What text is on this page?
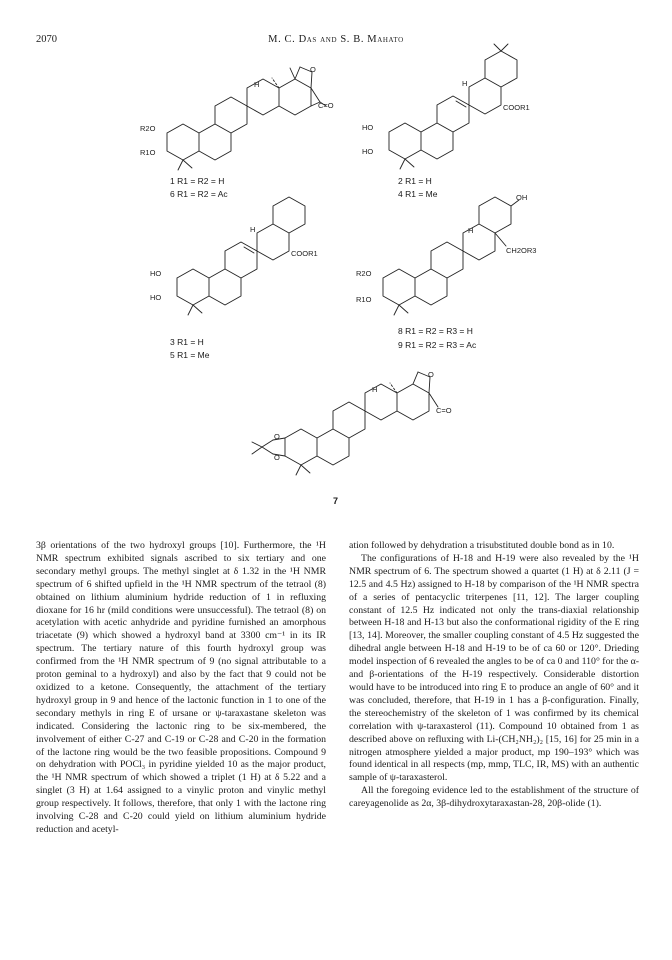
2070	M. C. Das and S. B. Mahato
H
O
C=O
R2O
R1O
1 R1 = R2 = H
6 R1 = R2 = Ac
H
COOR1
HO
HO
2 R1 = H
4 R1 = Me
H
COOR1
HO
HO
3 R1 = H
5 R1 = Me
OH
H
CH2OR3
R2O
R1O
8 R1 = R2 = R3 = H
9 R1 = R2 = R3 = Ac
H
O
C=O
O
O
7

3β orientations of the two hydroxyl groups [10]. Furthermore, the ¹H NMR spectrum exhibited signals ascribed to six tertiary and one secondary methyl groups. The methyl singlet at δ 1.32 in the ¹H NMR spectrum of 6 shifted upfield in the ¹H NMR spectrum of the tetraol (8) obtained on lithium aluminium hydride reduction of 1 in refluxing dioxane for 16 hr (mild conditions were unsuccessful). The tetraol (8) on acetylation with acetic anhydride and pyridine furnished an amorphous triacetate (9) which showed a hydroxyl band at 3300 cm⁻¹ in its IR spectrum. The tertiary nature of this fourth hydroxyl group was confirmed from the ¹H NMR spectrum of 9 (no signal attributable to a proton geminal to a hydroxyl) and also by the fact that 9 could not be oxidized to a ketone. Consequently, the attachment of the tertiary hydroxyl group in 9 and hence of the lactonic function in 1 to one of the secondary methyls in ring E of ursane or ψ-taraxastane skeleton was indicated. Considering the lactonic ring to be six-membered, the involvement of either C-27 and C-19 or C-28 and C-20 in the formation of the lactone ring would be the two feasible propositions. Compound 9 on dehydration with POCl₃ in pyridine yielded 10 as the major product, the ¹H NMR spectrum of which showed a triplet (1 H) at δ 5.22 and a singlet (3 H) at 1.64 assigned to a vinylic proton and vinylic methyl group respectively. It follows, therefore, that only 1 with the lactone ring involving C-28 and C-20 could yield on lithium aluminium hydride reduction and acetyl-

ation followed by dehydration a trisubstituted double bond as in 10.

The configurations of H-18 and H-19 were also revealed by the ¹H NMR spectrum of 6. The spectrum showed a quartet (1 H) at δ 2.11 (J = 12.5 and 4.5 Hz) assigned to H-18 by comparison of the ¹H NMR spectra of a series of pentacyclic triterpenes [11, 12]. The larger coupling constant of 12.5 Hz indicated not only the trans-diaxial relationship between H-18 and H-13 but also the conformational rigidity of the E ring [13, 14]. Moreover, the smaller coupling constant of 4.5 Hz suggested the dihedral angle between H-18 and H-19 to be of ca 60 or 120°. Drieding model inspection of 6 revealed the angles to be of ca 0 and 110° for the α- and β-orientations of the H-19 respectively. Considerable distortion would have to be introduced into ring E to produce an angle of 60° and it was concluded, therefore, that H-19 in 1 has a β-configuration. Finally, the stereochemistry of the skeleton of 1 was confirmed by its chemical correlation with ψ-taraxasterol (11). Compound 10 obtained from 1 as described above on refluxing with Li-(CH₂NH₂)₂ [15, 16] for 25 min in a nitrogen atmosphere yielded a major product, mp 190–193° which was found identical in all respects (mp, mmp, TLC, IR, MS) with an authentic sample of ψ-taraxasterol.

All the foregoing evidence led to the establishment of the structure of careyagenolide as 2α, 3β-dihydroxytaraxastan-28, 20β-olide (1).
